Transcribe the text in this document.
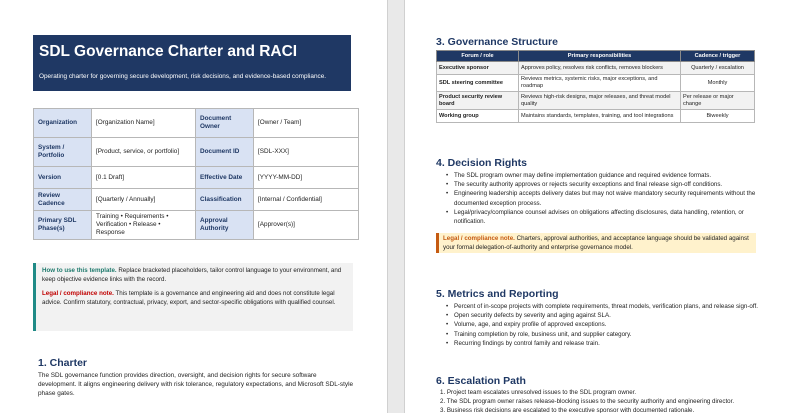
SDL Governance Charter and RACI

Operating charter for governing secure development, risk decisions, and evidence-based compliance.

Organization	[Organization Name]	Document Owner	[Owner / Team]
System / Portfolio	[Product, service, or portfolio]	Document ID	[SDL-XXX]
Version	[0.1 Draft]	Effective Date	[YYYY-MM-DD]
Review Cadence	[Quarterly / Annually]	Classification	[Internal / Confidential]
Primary SDL Phase(s)	Training • Requirements • Verification • Release • Response	Approval Authority	[Approver(s)]

How to use this template. Replace bracketed placeholders, tailor control language to your environment, and keep objective evidence links with the record.

Legal / compliance note. This template is a governance and engineering aid and does not constitute legal advice. Confirm statutory, contractual, privacy, export, and sector-specific obligations with qualified counsel.

1. Charter
The SDL governance function provides direction, oversight, and decision rights for secure software development. It aligns engineering delivery with risk tolerance, regulatory expectations, and Microsoft SDL-style phase gates.
3. Governance Structure
Forum / role	Primary responsibilities	Cadence / trigger
Executive sponsor	Approves policy, resolves risk conflicts, removes blockers	Quarterly / escalation
SDL steering committee	Reviews metrics, systemic risks, major exceptions, and roadmap	Monthly
Product security review board	Reviews high-risk designs, major releases, and threat model quality	Per release or major change
Working group	Maintains standards, templates, training, and tool integrations	Biweekly
4. Decision Rights
• The SDL program owner may define implementation guidance and required evidence formats.
• The security authority approves or rejects security exceptions and final release sign-off conditions.
• Engineering leadership accepts delivery dates but may not waive mandatory security requirements without the documented exception process.
• Legal/privacy/compliance counsel advises on obligations affecting disclosures, data handling, retention, or notification.
Legal / compliance note. Charters, approval authorities, and acceptance language should be validated against your formal delegation-of-authority and enterprise governance model.
5. Metrics and Reporting
• Percent of in-scope projects with complete requirements, threat models, verification plans, and release sign-off.
• Open security defects by severity and aging against SLA.
• Volume, age, and expiry profile of approved exceptions.
• Training completion by role, business unit, and supplier category.
• Recurring findings by control family and release train.
6. Escalation Path
1. Project team escalates unresolved issues to the SDL program owner.
2. The SDL program owner raises release-blocking issues to the security authority and engineering director.
3. Business risk decisions are escalated to the executive sponsor with documented rationale.
